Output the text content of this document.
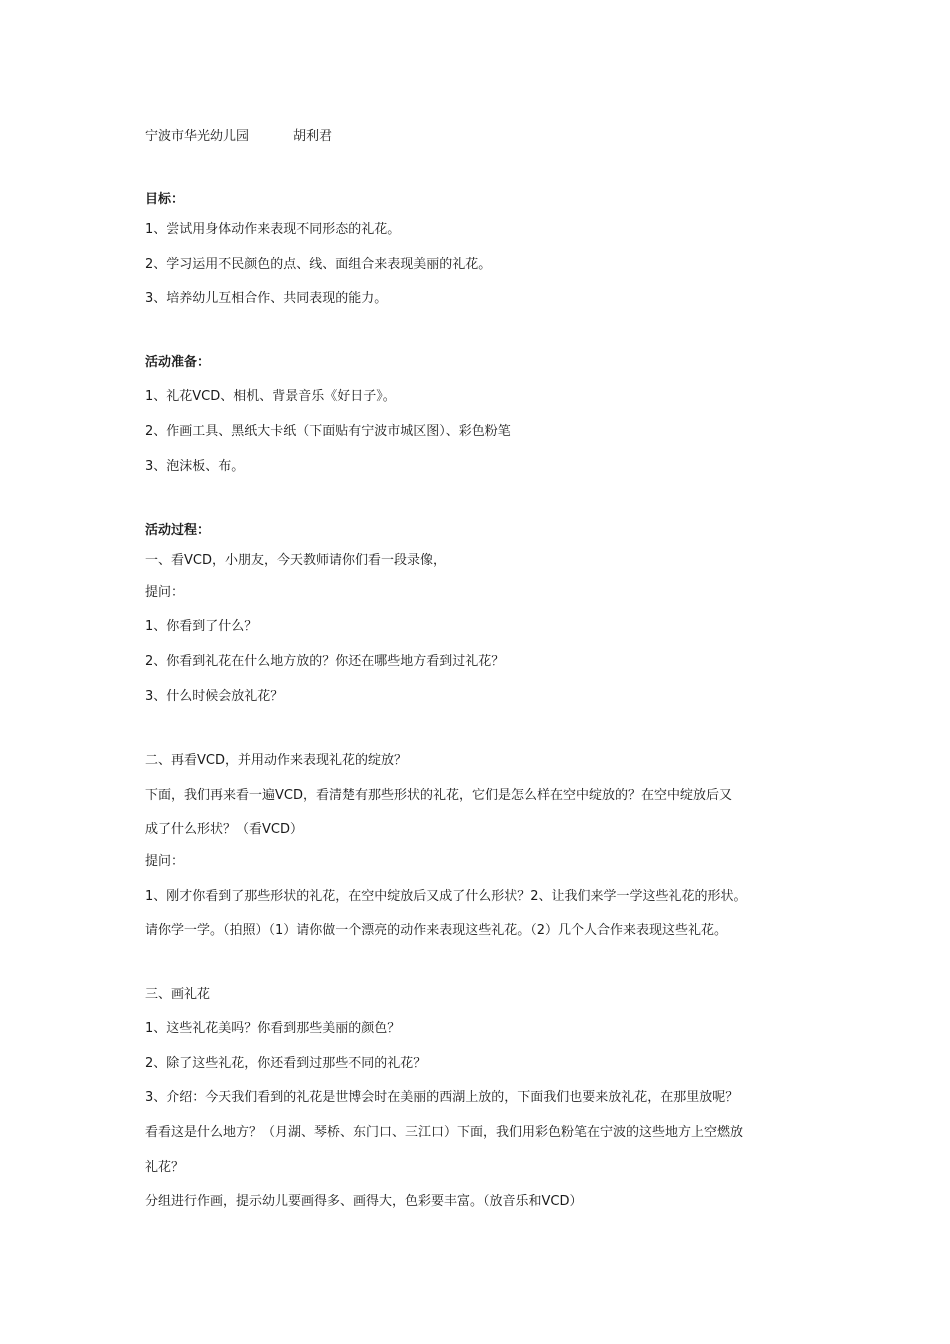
宁波市华光幼儿园	胡利君
目标：
1、尝试用身体动作来表现不同形态的礼花。
2、学习运用不民颜色的点、线、面组合来表现美丽的礼花。
3、培养幼儿互相合作、共同表现的能力。
活动准备：
1、礼花VCD、相机、背景音乐《好日子》。
2、作画工具、黑纸大卡纸（下面贴有宁波市城区图）、彩色粉笔
3、泡沫板、布。
活动过程：
一、看VCD，小朋友，今天教师请你们看一段录像，
提问：
1、你看到了什么？
2、你看到礼花在什么地方放的？你还在哪些地方看到过礼花？
3、什么时候会放礼花？
二、再看VCD，并用动作来表现礼花的绽放？
下面，我们再来看一遍VCD，看清楚有那些形状的礼花，它们是怎么样在空中绽放的？在空中绽放后又
成了什么形状？（看VCD）
提问：
1、刚才你看到了那些形状的礼花，在空中绽放后又成了什么形状？2、让我们来学一学这些礼花的形状。
请你学一学。（拍照）（1）请你做一个漂亮的动作来表现这些礼花。（2）几个人合作来表现这些礼花。
三、画礼花
1、这些礼花美吗？你看到那些美丽的颜色？
2、除了这些礼花，你还看到过那些不同的礼花？
3、介绍：今天我们看到的礼花是世博会时在美丽的西湖上放的，下面我们也要来放礼花，在那里放呢？
看看这是什么地方？（月湖、琴桥、东门口、三江口）下面，我们用彩色粉笔在宁波的这些地方上空燃放
礼花？
分组进行作画，提示幼儿要画得多、画得大，色彩要丰富。（放音乐和VCD）
